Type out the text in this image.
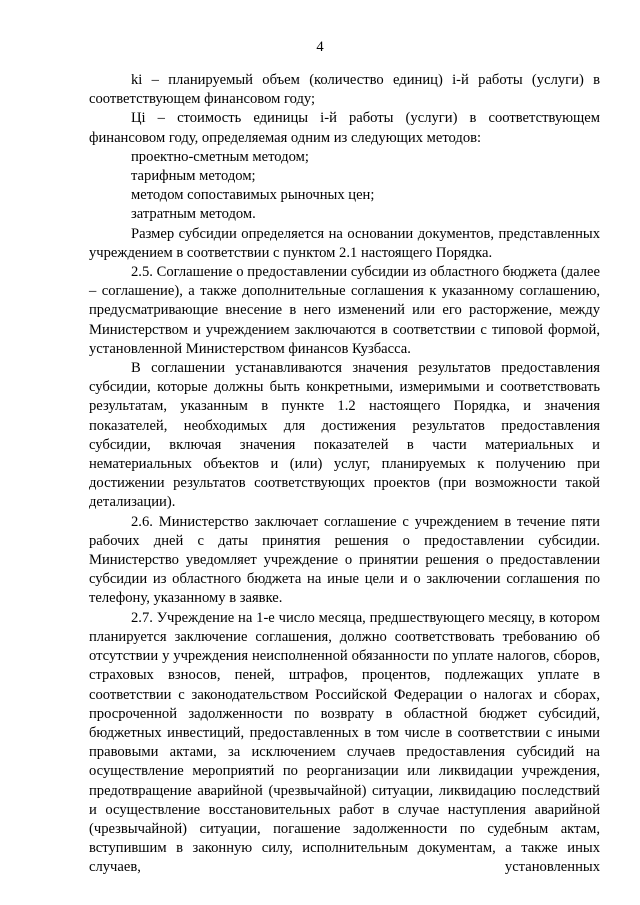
4

ki – планируемый объем (количество единиц) i-й работы (услуги) в соответствующем финансовом году;

Ці – стоимость единицы i-й работы (услуги) в соответствующем финансовом году, определяемая одним из следующих методов:

проектно-сметным методом;

тарифным методом;

методом сопоставимых рыночных цен;

затратным методом.

Размер субсидии определяется на основании документов, представленных учреждением в соответствии с пунктом 2.1 настоящего Порядка.

2.5. Соглашение о предоставлении субсидии из областного бюджета (далее – соглашение), а также дополнительные соглашения к указанному соглашению, предусматривающие внесение в него изменений или его расторжение, между Министерством и учреждением заключаются в соответствии с типовой формой, установленной Министерством финансов Кузбасса.

В соглашении устанавливаются значения результатов предоставления субсидии, которые должны быть конкретными, измеримыми и соответствовать результатам, указанным в пункте 1.2 настоящего Порядка, и значения показателей, необходимых для достижения результатов предоставления субсидии, включая значения показателей в части материальных и нематериальных объектов и (или) услуг, планируемых к получению при достижении результатов соответствующих проектов (при возможности такой детализации).

2.6. Министерство заключает соглашение с учреждением в течение пяти рабочих дней с даты принятия решения о предоставлении субсидии. Министерство уведомляет учреждение о принятии решения о предоставлении субсидии из областного бюджета на иные цели и о заключении соглашения по телефону, указанному в заявке.

2.7. Учреждение на 1-е число месяца, предшествующего месяцу, в котором планируется заключение соглашения, должно соответствовать требованию об отсутствии у учреждения неисполненной обязанности по уплате налогов, сборов, страховых взносов, пеней, штрафов, процентов, подлежащих уплате в соответствии с законодательством Российской Федерации о налогах и сборах, просроченной задолженности по возврату в областной бюджет субсидий, бюджетных инвестиций, предоставленных в том числе в соответствии с иными правовыми актами, за исключением случаев предоставления субсидий на осуществление мероприятий по реорганизации или ликвидации учреждения, предотвращение аварийной (чрезвычайной) ситуации, ликвидацию последствий и осуществление восстановительных работ в случае наступления аварийной (чрезвычайной) ситуации, погашение задолженности по судебным актам, вступившим в законную силу, исполнительным документам, а также иных случаев, установленных
